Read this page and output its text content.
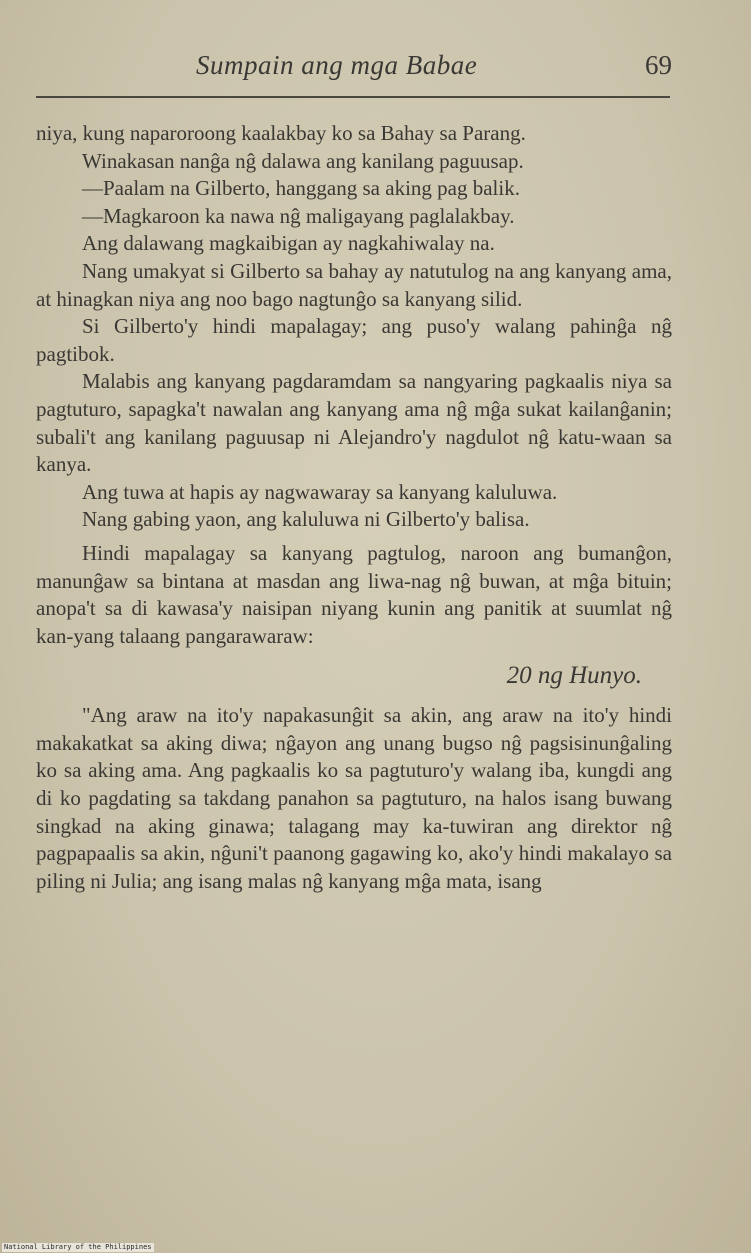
Sumpain ang mga Babae	69

niya, kung naparoroong kaalakbay ko sa Bahay sa Parang.

Winakasan nanĝa nĝ dalawa ang kanilang paguusap.

—Paalam na Gilberto, hanggang sa aking pag balik.

—Magkaroon ka nawa nĝ maligayang paglalakbay.

Ang dalawang magkaibigan ay nagkahiwalay na.

Nang umakyat si Gilberto sa bahay ay natutulog na ang kanyang ama, at hinagkan niya ang noo bago nagtunĝo sa kanyang silid.

Si Gilberto'y hindi mapalagay; ang puso'y walang pahinĝa nĝ pagtibok.

Malabis ang kanyang pagdaramdam sa nangyaring pagkaalis niya sa pagtuturo, sapagka't nawalan ang kanyang ama nĝ mĝa sukat kailanĝanin; subali't ang kanilang paguusap ni Alejandro'y nagdulot nĝ katu-waan sa kanya.

Ang tuwa at hapis ay nagwawaray sa kanyang kaluluwa.

Nang gabing yaon, ang kaluluwa ni Gilberto'y balisa.

Hindi mapalagay sa kanyang pagtulog, naroon ang bumanĝon, manunĝaw sa bintana at masdan ang liwa-nag nĝ buwan, at mĝa bituin; anopa't sa di kawasa'y naisipan niyang kunin ang panitik at suumlat nĝ kan-yang talaang pangarawaraw:

20 ng Hunyo.

"Ang araw na ito'y napakasunĝit sa akin, ang araw na ito'y hindi makakatkat sa aking diwa; nĝayon ang unang bugso nĝ pagsisinunĝaling ko sa aking ama. Ang pagkaalis ko sa pagtuturo'y walang iba, kungdi ang di ko pagdating sa takdang panahon sa pagtuturo, na halos isang buwang singkad na aking ginawa; talagang may ka-tuwiran ang direktor nĝ pagpapaalis sa akin, nĝuni't paanong gagawing ko, ako'y hindi makalayo sa piling ni Julia; ang isang malas nĝ kanyang mĝa mata, isang

National Library of the Philippines
